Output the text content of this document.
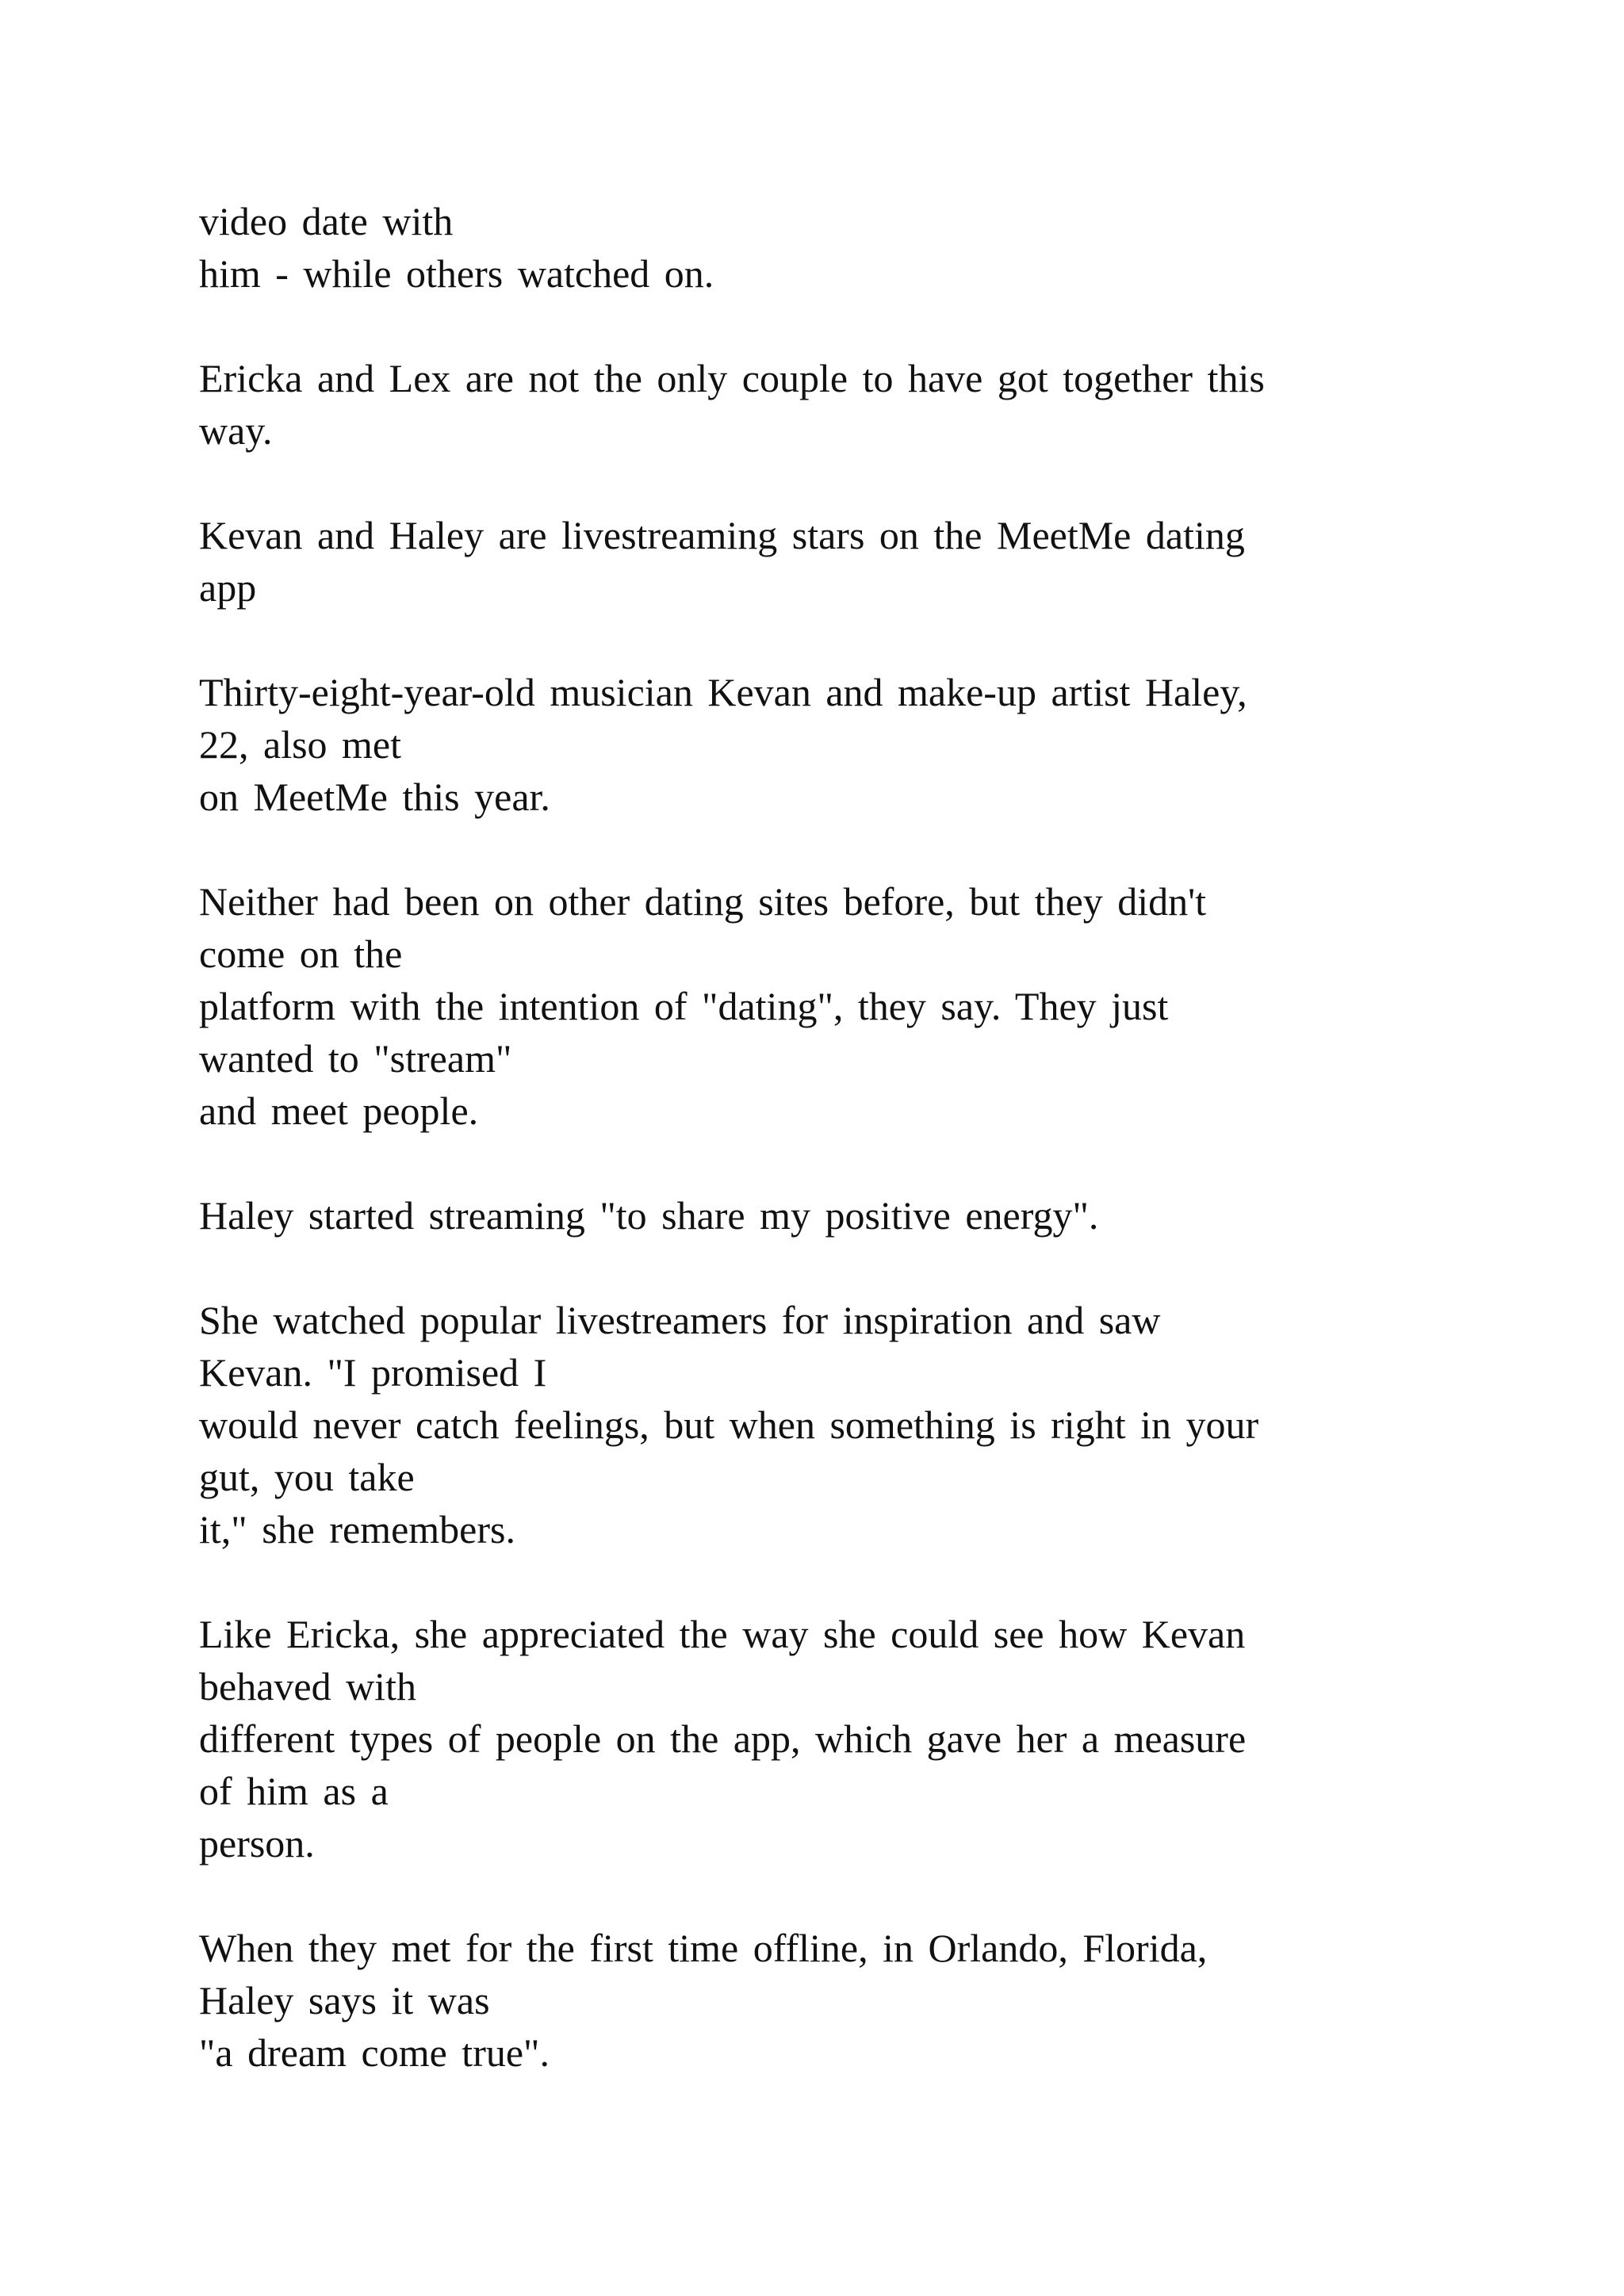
video date with
him - while others watched on.
Ericka and Lex are not the only couple to have got together this
way.
Kevan and Haley are livestreaming stars on the MeetMe dating
app
Thirty-eight-year-old musician Kevan and make-up artist Haley,
22, also met
on MeetMe this year.
Neither had been on other dating sites before, but they didn't
come on the
platform with the intention of "dating", they say. They just
wanted to "stream"
and meet people.
Haley started streaming "to share my positive energy".
She watched popular livestreamers for inspiration and saw
Kevan. "I promised I
would never catch feelings, but when something is right in your
gut, you take
it," she remembers.
Like Ericka, she appreciated the way she could see how Kevan
behaved with
different types of people on the app, which gave her a measure
of him as a
person.
When they met for the first time offline, in Orlando, Florida,
Haley says it was
"a dream come true".
